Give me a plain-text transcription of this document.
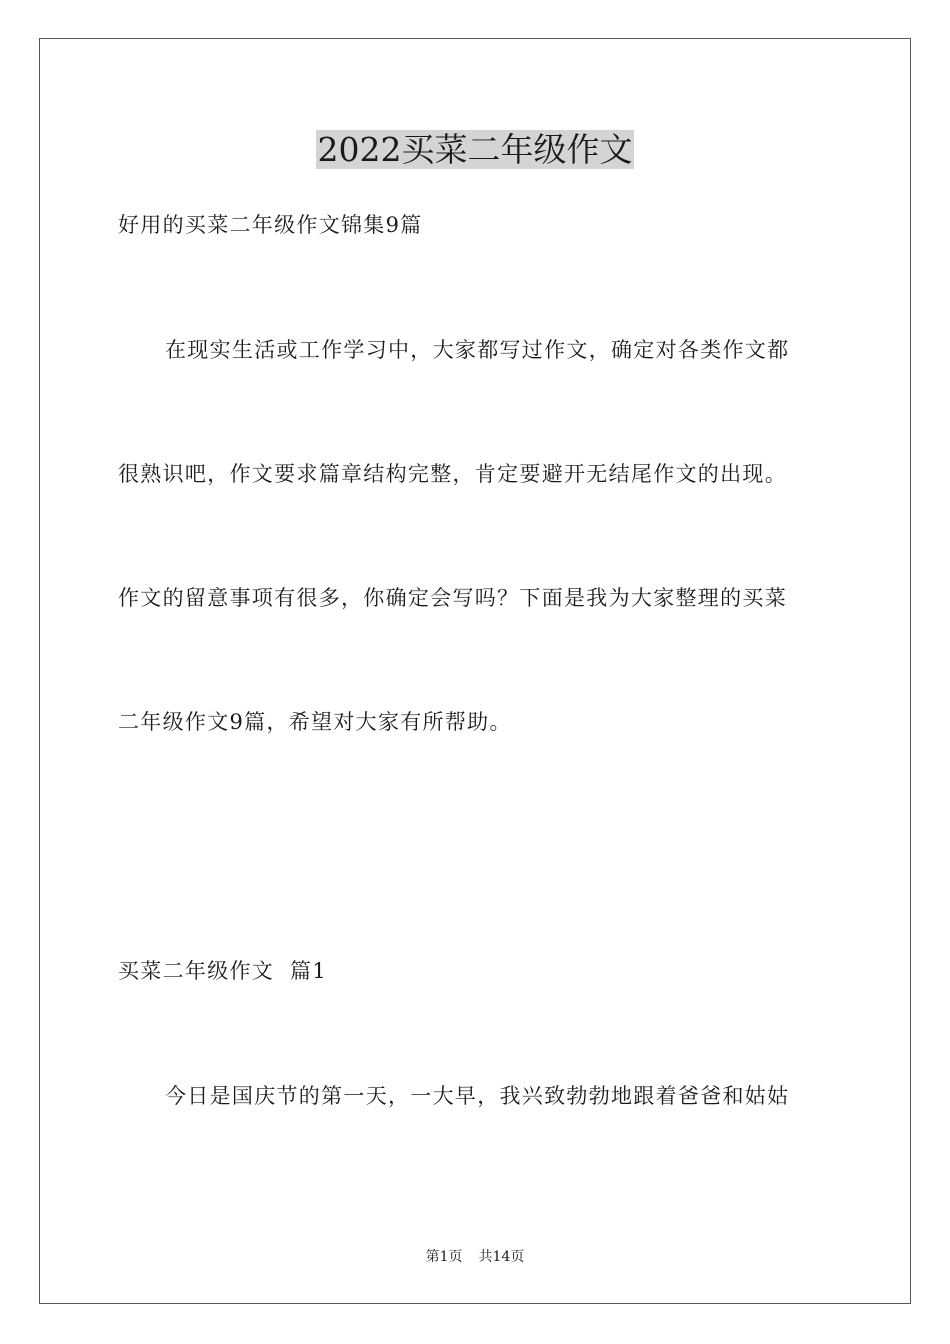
2022买菜二年级作文
好用的买菜二年级作文锦集9篇
在现实生活或工作学习中，大家都写过作文，确定对各类作文都
很熟识吧，作文要求篇章结构完整，肯定要避开无结尾作文的出现。
作文的留意事项有很多，你确定会写吗？下面是我为大家整理的买菜
二年级作文9篇，希望对大家有所帮助。
买菜二年级作文  篇1
今日是国庆节的第一天，一大早，我兴致勃勃地跟着爸爸和姑姑
第1页 共14页
